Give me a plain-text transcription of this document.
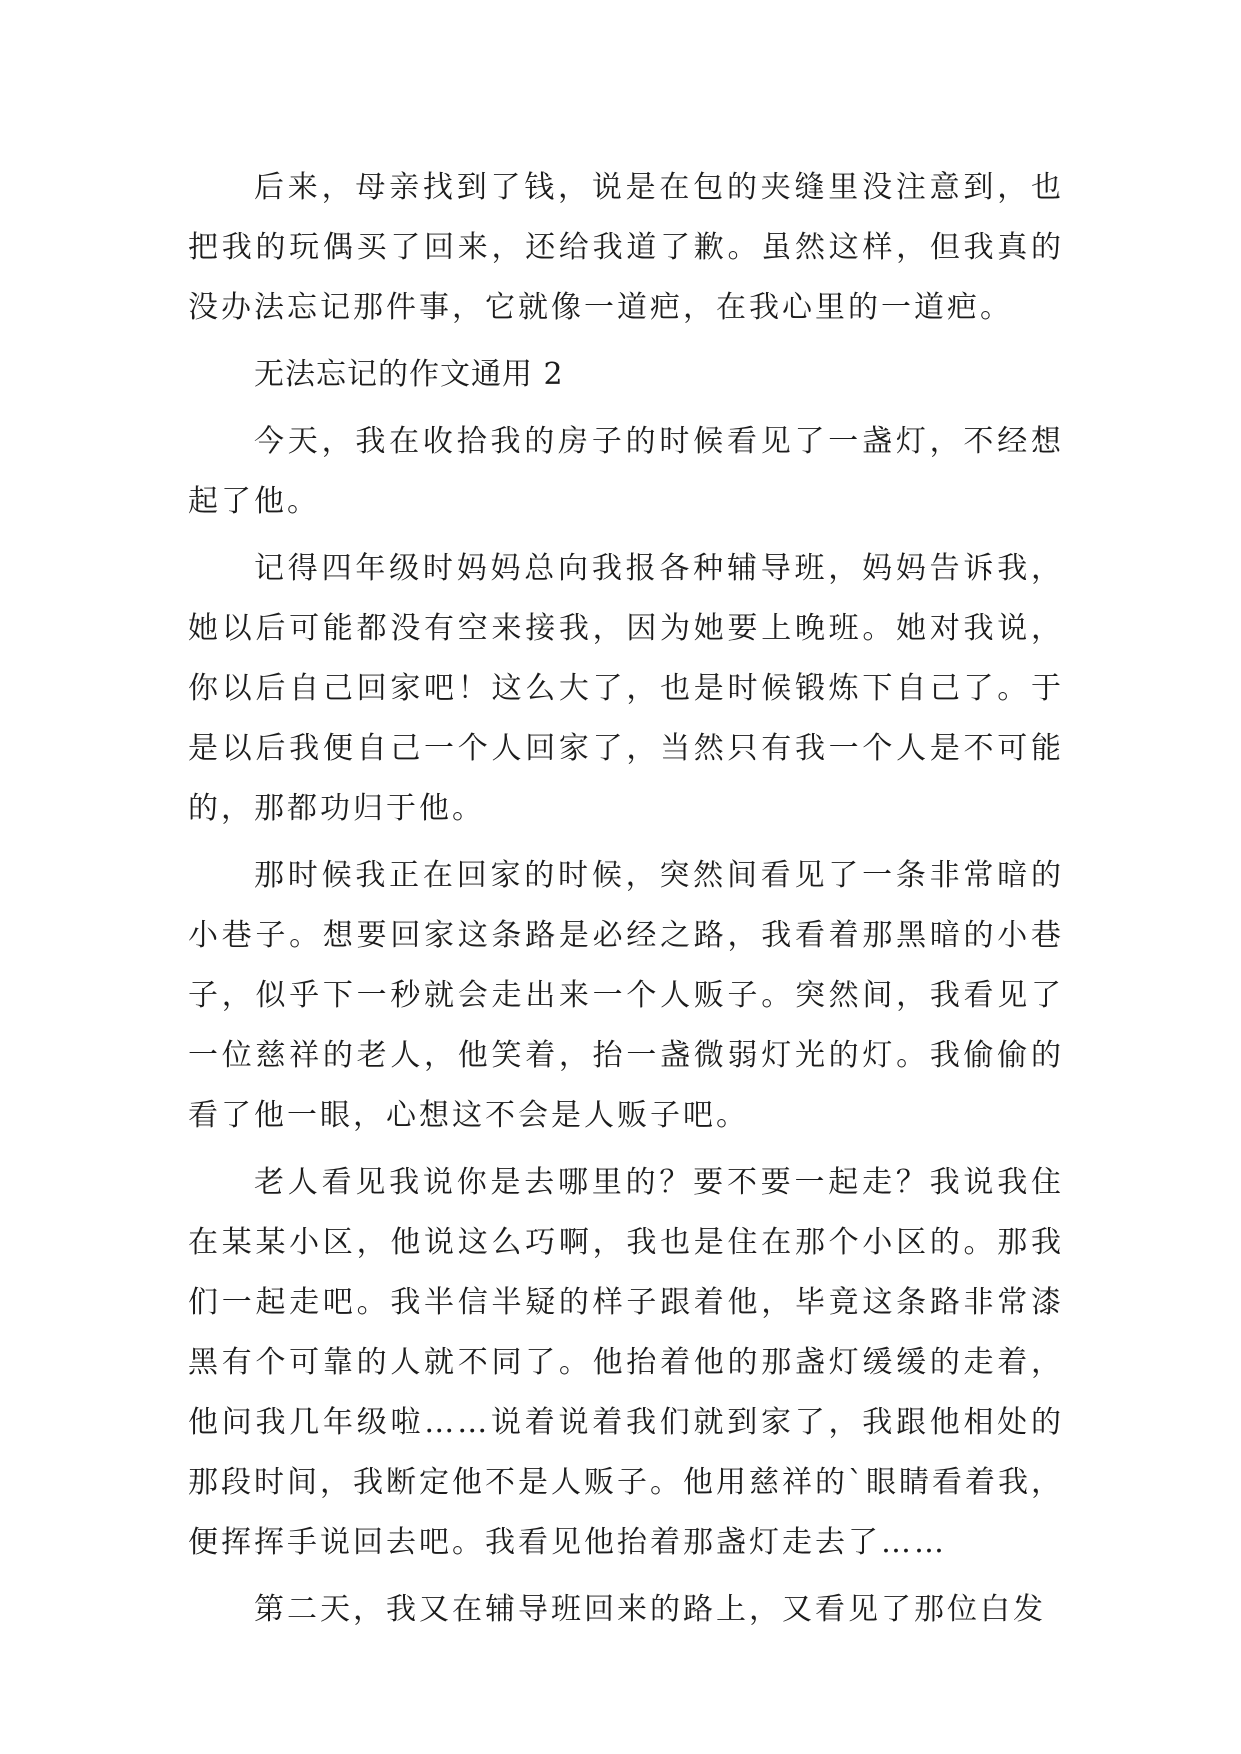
后来，母亲找到了钱，说是在包的夹缝里没注意到，也把我的玩偶买了回来，还给我道了歉。虽然这样，但我真的没办法忘记那件事，它就像一道疤，在我心里的一道疤。

无法忘记的作文通用 2

今天，我在收拾我的房子的时候看见了一盏灯，不经想起了他。

记得四年级时妈妈总向我报各种辅导班，妈妈告诉我，她以后可能都没有空来接我，因为她要上晚班。她对我说，你以后自己回家吧！这么大了，也是时候锻炼下自己了。于是以后我便自己一个人回家了，当然只有我一个人是不可能的，那都功归于他。

那时候我正在回家的时候，突然间看见了一条非常暗的小巷子。想要回家这条路是必经之路，我看着那黑暗的小巷子，似乎下一秒就会走出来一个人贩子。突然间，我看见了一位慈祥的老人，他笑着，抬一盏微弱灯光的灯。我偷偷的看了他一眼，心想这不会是人贩子吧。

老人看见我说你是去哪里的？要不要一起走？我说我住在某某小区，他说这么巧啊，我也是住在那个小区的。那我们一起走吧。我半信半疑的样子跟着他，毕竟这条路非常漆黑有个可靠的人就不同了。他抬着他的那盏灯缓缓的走着，他问我几年级啦……说着说着我们就到家了，我跟他相处的那段时间，我断定他不是人贩子。他用慈祥的`眼睛看着我，便挥挥手说回去吧。我看见他抬着那盏灯走去了……

第二天，我又在辅导班回来的路上，又看见了那位白发
